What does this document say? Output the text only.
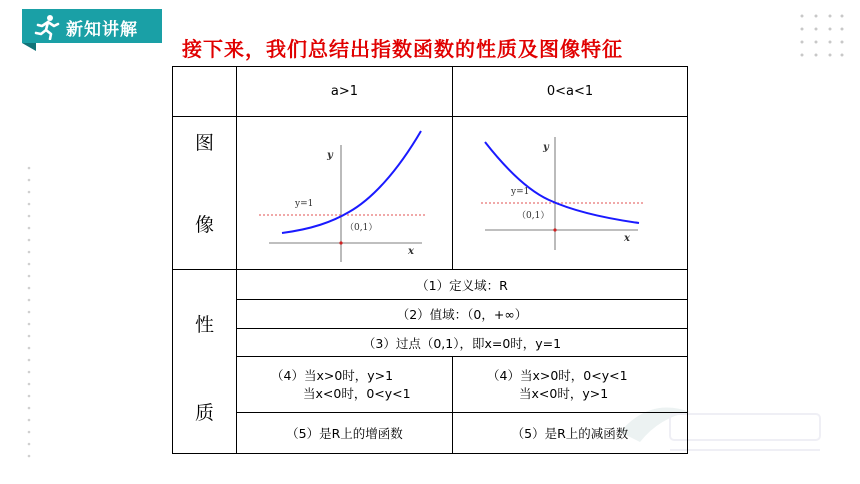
新知讲解
接下来，我们总结出指数函数的性质及图像特征
a>1	0<a<1
图
像
y
x
y=1
（0,1）
y
x
y=1
（0,1）
性
质
（1）定义域：R
（2）值域：（0，+∞）
（3）过点（0,1），即x=0时，y=1
（4）当x>0时，y>1
当x<0时，0<y<1
（4）当x>0时，0<y<1
当x<0时，y>1
（5）是R上的增函数	（5）是R上的减函数
